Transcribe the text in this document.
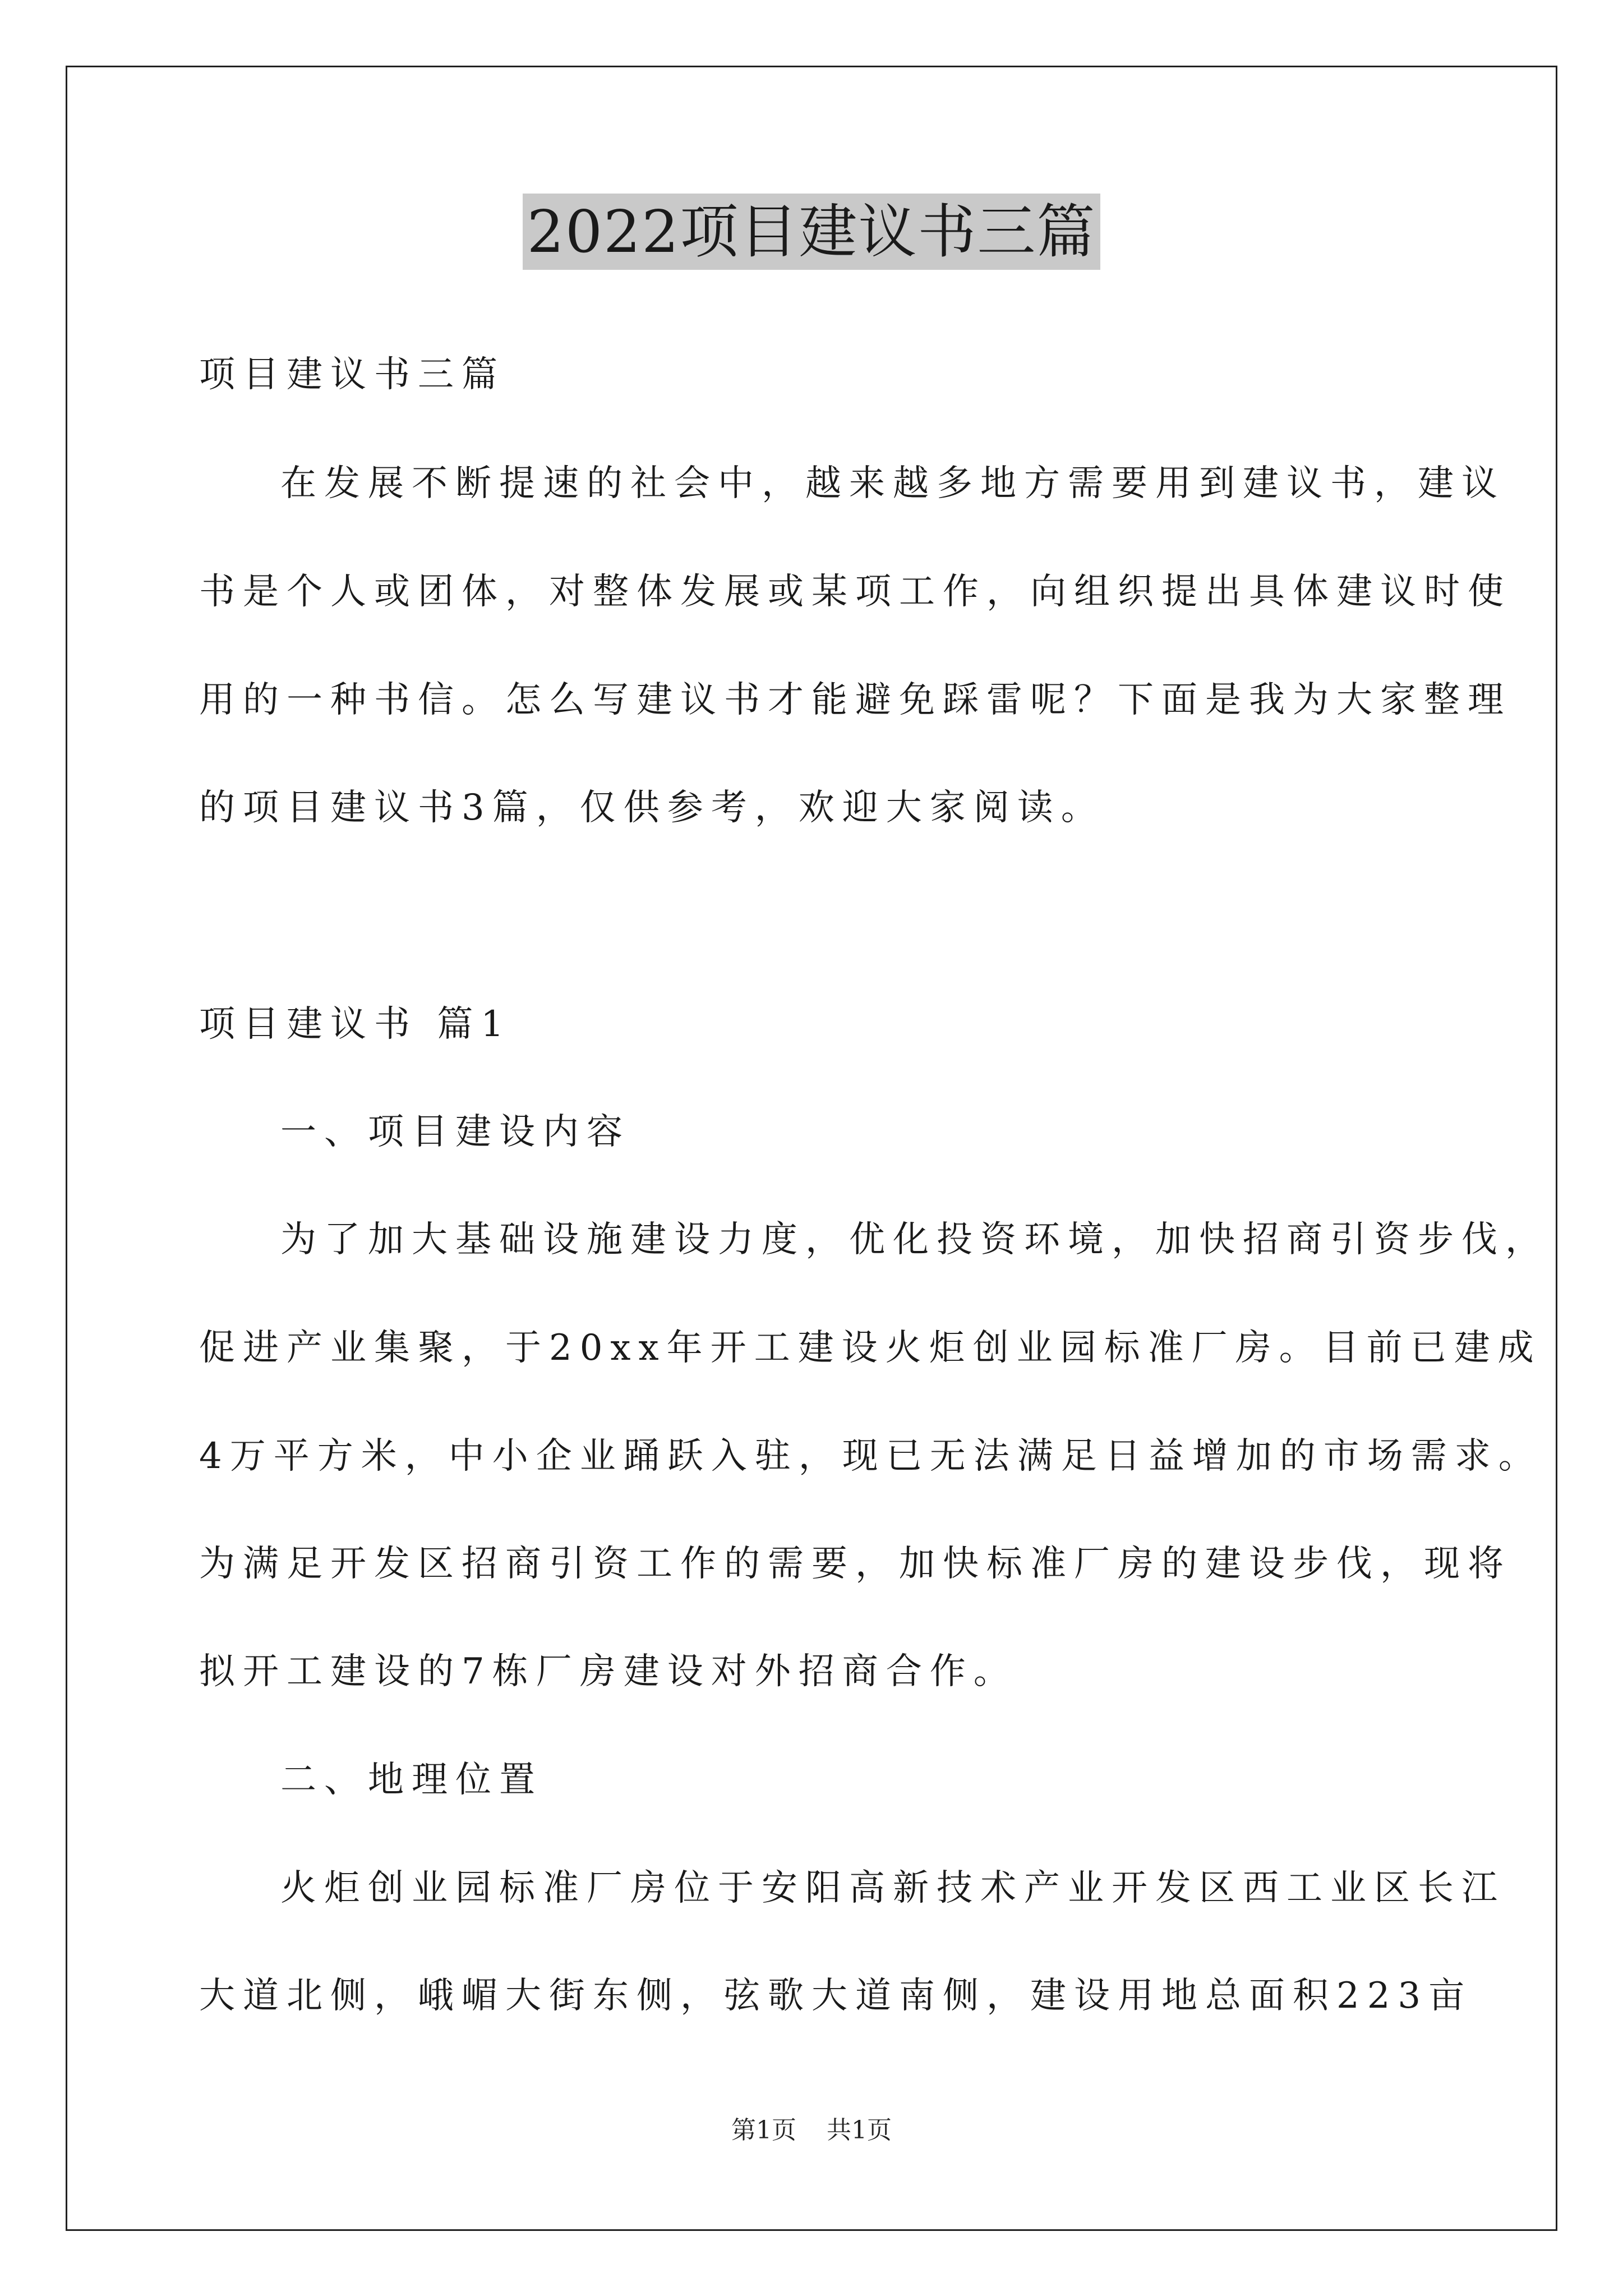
2022项目建议书三篇
项目建议书三篇
在发展不断提速的社会中，越来越多地方需要用到建议书，建议
书是个人或团体，对整体发展或某项工作，向组织提出具体建议时使
用的一种书信。怎么写建议书才能避免踩雷呢？下面是我为大家整理
的项目建议书3篇，仅供参考，欢迎大家阅读。
项目建议书 篇1
一、项目建设内容
为了加大基础设施建设力度，优化投资环境，加快招商引资步伐，
促进产业集聚，于20xx年开工建设火炬创业园标准厂房。目前已建成
4万平方米，中小企业踊跃入驻，现已无法满足日益增加的市场需求。
为满足开发区招商引资工作的需要，加快标准厂房的建设步伐，现将
拟开工建设的7栋厂房建设对外招商合作。
二、地理位置
火炬创业园标准厂房位于安阳高新技术产业开发区西工业区长江
大道北侧，峨嵋大街东侧，弦歌大道南侧，建设用地总面积223亩
第1页 共1页
